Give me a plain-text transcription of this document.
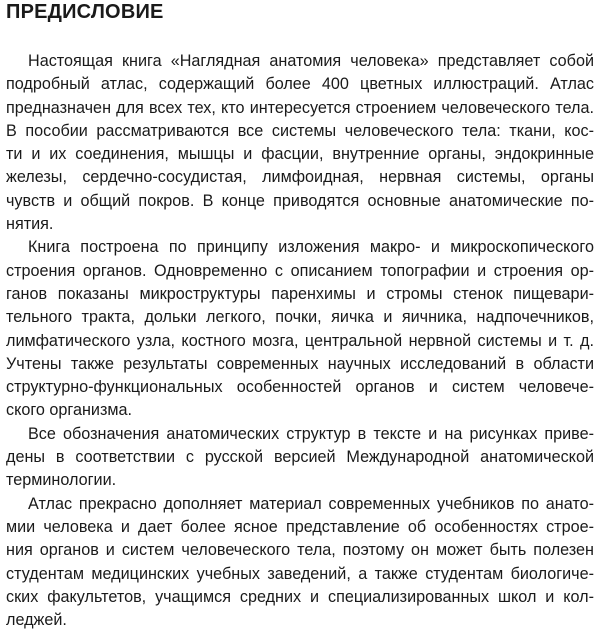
ПРЕДИСЛОВИЕ
Настоящая книга «Наглядная анатомия человека» представляет собой
подробный атлас, содержащий более 400 цветных иллюстраций. Атлас
предназначен для всех тех, кто интересуется строением человеческого тела.
В пособии рассматриваются все системы человеческого тела: ткани, кос-
ти и их соединения, мышцы и фасции, внутренние органы, эндокринные
железы, сердечно-сосудистая, лимфоидная, нервная системы, органы
чувств и общий покров. В конце приводятся основные анатомические по-
нятия.
Книга построена по принципу изложения макро- и микроскопического
строения органов. Одновременно с описанием топографии и строения ор-
ганов показаны микроструктуры паренхимы и стромы стенок пищевари-
тельного тракта, дольки легкого, почки, яичка и яичника, надпочечников,
лимфатического узла, костного мозга, центральной нервной системы и т. д.
Учтены также результаты современных научных исследований в области
структурно-функциональных особенностей органов и систем человече-
ского организма.
Все обозначения анатомических структур в тексте и на рисунках приве-
дены в соответствии с русской версией Международной анатомической
терминологии.
Атлас прекрасно дополняет материал современных учебников по анато-
мии человека и дает более ясное представление об особенностях строе-
ния органов и систем человеческого тела, поэтому он может быть полезен
студентам медицинских учебных заведений, а также студентам биологиче-
ских факультетов, учащимся средних и специализированных школ и кол-
леджей.
